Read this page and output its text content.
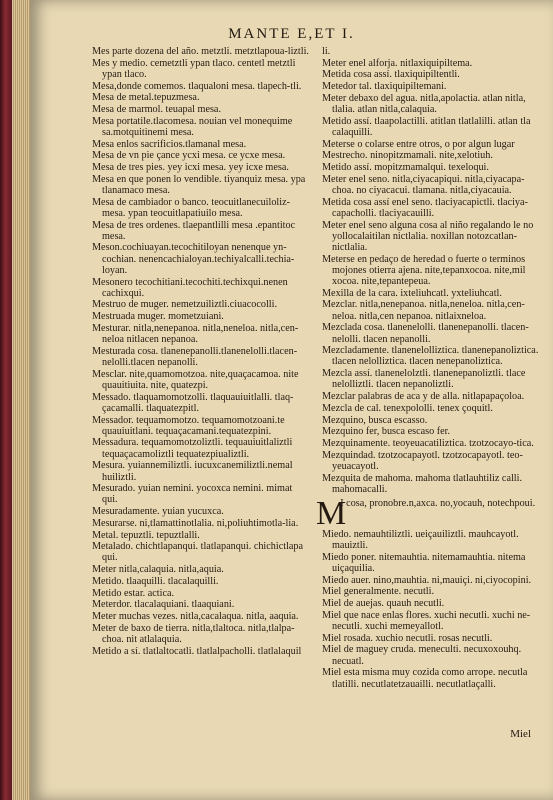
MANTE E,ET I.
Mes parte dozena del año. metztli. metztlapoua-liztli.
Mes y medio. cemetztli ypan tlaco. centetl metztli ypan tlaco.
Mesa,donde comemos. tlaqualoni mesa. tlapech-tli.
Mesa de metal.tepuzmesa.
Mesa de marmol. teuapal mesa.
Mesa portatile.tlacomesa. nouian vel monequime sa.motquitinemi mesa.
Mesa enlos sacrificios.tlamanal mesa.
Mesa de vn pie çance ycxi mesa. ce ycxe mesa.
Mesa de tres pies. yey icxi mesa. yey icxe mesa.
Mesa en que ponen lo vendible. tiyanquiz mesa. ypa tlanamaco mesa.
Mesa de cambiador o banco. teocuitlanecuiloliz-mesa. ypan teocuitlapatiuilo mesa.
Mesa de tres ordenes. tlaepantlilli mesa .epantitoc mesa.
Meson.cochiuayan.tecochitiloyan nenenque yn-cochian. nenencachialoyan.techiyalcalli.techia-loyan.
Mesonero tecochitiani.tecochiti.techixqui.nenen cachixqui.
Mestruo de muger. nemetzuiliztli.ciuacocolli.
Mestruada muger. mometzuiani.
Mesturar. nitla,nenepanoa. nitla,neneloa. nitla,cen-neloa nitlacen nepanoa.
Mesturada cosa. tlanenepanolli.tlanenelolli.tlacen-nelolli.tlacen nepanolli.
Mesclar. nite,quamomotzoa. nite,quaçacamoa. nite quauitiuita. nite, quatezpi.
Messado. tlaquamomotzolli. tlaquauiuitlalli. tlaq-çacamalli. tlaquatezpitl.
Messador. tequamomotzo. tequamomotzoani.te quauiuitlani. tequaçacamani.tequatezpini.
Messadura. tequamomotzoliztli. tequauiuitlaliztli tequaçacamoliztli tequatezpiualiztli.
Mesura. yuiannemiliztli. iucuxcanemiliztli.nemal huiliztli.
Mesurado. yuian nemini. yocoxca nemini. mimat qui.
Mesuradamente. yuian yucuxca.
Mesurarse. ni,tlamattinotlalia. ni,poliuhtimotla-lia.
Metal. tepuztli. tepuztlalli.
Metalado. chichtlapanqui. tlatlapanqui. chichictlapa qui.
Meter nitla,calaquia. nitla,aquia.
Metido. tlaaquilli. tlacalaquilli.
Metido estar. actica.
Meterdor. tlacalaquiani. tlaaquiani.
Meter muchas vezes. nitla,cacalaqua. nitla, aaquia.
Meter de baxo de tierra. nitla,tlaltoca. nitla,tlalpa-choa. nit atlalaquia.
Metido a sí. tlatlaltocatli. tlatlalpacholli. tlatlalaquil
li.
Meter enel alforja. nitlaxiquipiltema.
Metida cosa assí. tlaxiquipiltentli.
Metedor tal. tlaxiquipiltemani.
Meter debaxo del agua. nitla,apolactia. atlan nitla, tlalia. atlan nitla,calaquia.
Metido assí. tlaapolactilli. atitlan tlatlalilli. atlan tla calaquilli.
Meterse o colarse entre otros, o por algun lugar
Mestrecho. ninopitzmamali. nite,xelotiuh.
Metido assí. mopitzmamalqui. texeloqui.
Meter enel seno. nitla,ciyacapiqui. nitla,ciyacapa-choa. no ciyacacui. tlamana. nitla,ciyacauia.
Metida cosa assí enel seno. tlaciyacapictli. tlaciya-capacholli. tlaciyacauilli.
Meter enel seno alguna cosa al niño regalando le no yollocalaitilan nictlalia. noxillan notozcatlan-nictlalia.
Meterse en pedaço de heredad o fuerte o terminos mojones otierra ajena. nite,tepanxocoa. nite,mil xocoa. nite,tepantepeua.
Mexilla de la cara. ixteliuhcatl. yxteliuhcatl.
Mezclar. nitla,nenepanoa. nitla,neneloa. nitla,cen-neloa. nitla,cen nepanoa. nitlaixneloa.
Mezclada cosa. tlanenelolli. tlanenepanolli. tlacen-nelolli. tlacen nepanolli.
Mezcladamente. tlanenelolliztica. tlanenepanoliztica. tlacen nelolliztica. tlacen nenepanoliztica.
Mezcla assí. tlanenelolztli. tlanenepanoliztli. tlace nelolliztli. tlacen nepanoliztli.
Mezclar palabras de aca y de alla. nitlapapaçoloa.
Mezcla de cal. tenexpololli. tenex çoquitl.
Mezquino, busca escasso.
Mezquino fer, busca escaso fer.
Mezquinamente. teoyeuacatiliztica. tzotzocayo-tica.
Mezquindad. tzotzocapayotl. tzotzocapayotl. teo-yeuacayotl.
Mezquita de mahoma. mahoma tlatlauhtiliz calli. mahomacalli.
M
I cosa, pronobre.n,axca. no,yocauh, notechpoui.
Miedo. nemauhtiliztli. ueiçauiliztli. mauhcayotl. mauiztli.
Miedo poner. nitemauhtia. nitemamauhtia. nitema uiçaquilia.
Miedo auer. nino,mauhtia. ni,mauiçi. ni,ciyocopini.
Miel generalmente. necutli.
Miel de auejas. quauh necutli.
Miel que nace enlas flores. xuchi necutli. xuchi ne-necutli. xuchi memeyallotl.
Miel rosada. xuchio necutli. rosas necutli.
Miel de maguey cruda. meneculti. necuxoxouhq. necuatl.
Miel esta misma muy cozida como arrope. necutla tlatilli. necutlatetzauailli. necutlatlaçalli.
Miel
